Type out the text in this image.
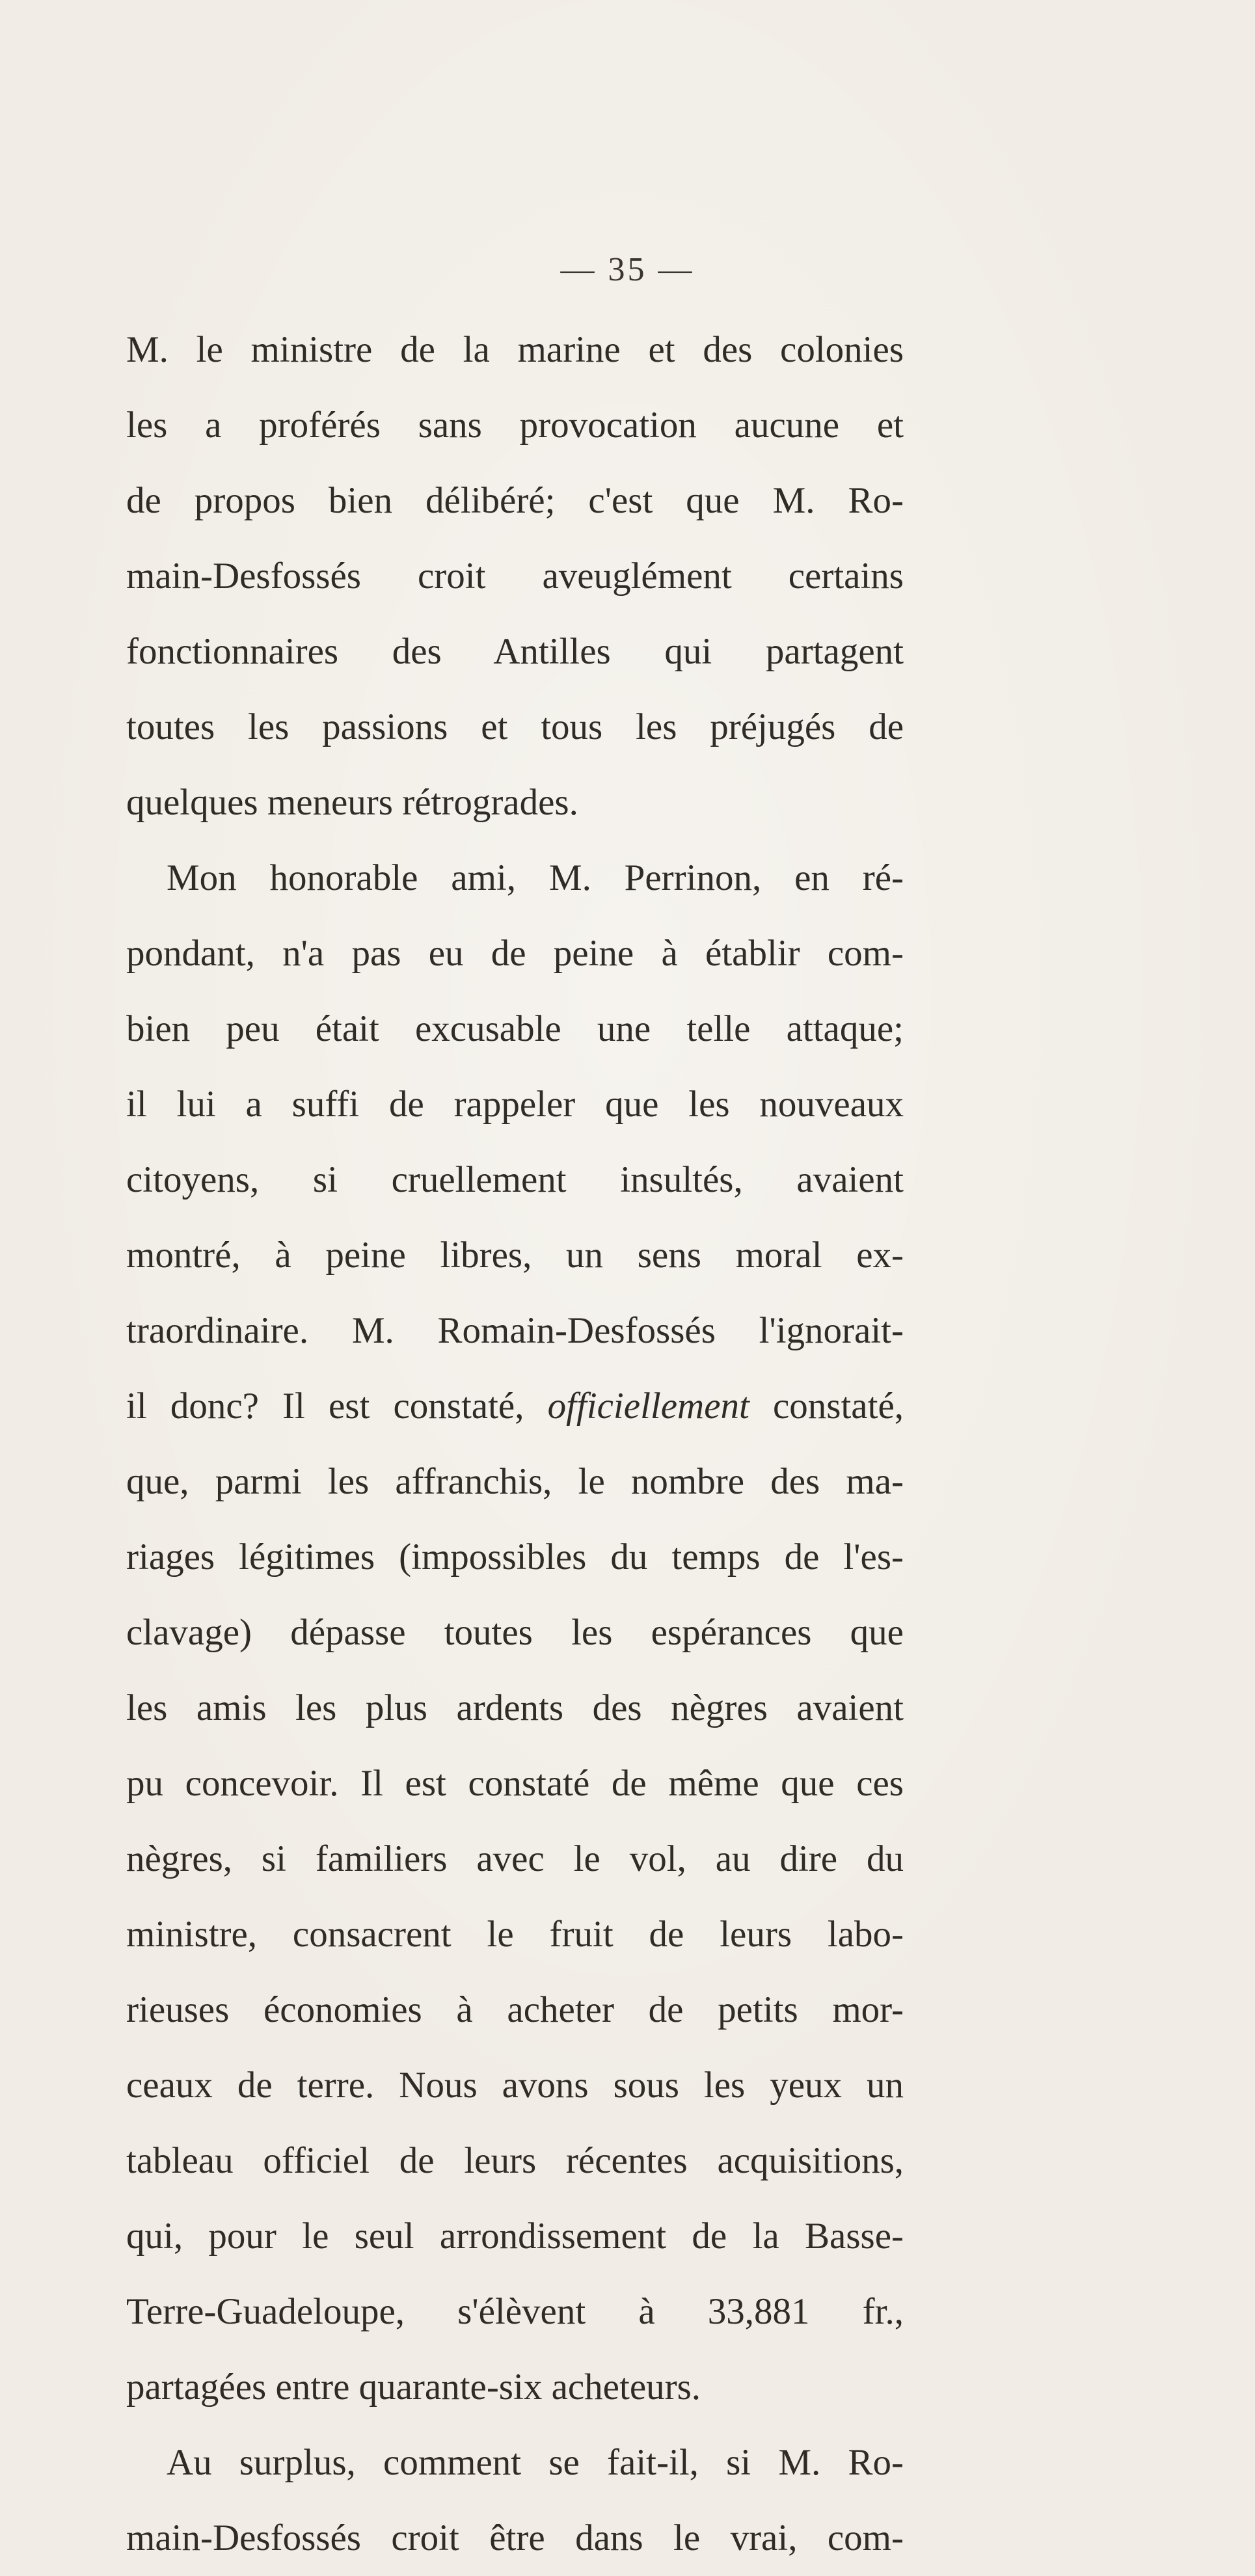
— 35 —
M. le ministre de la marine et des colonies
les a proférés sans provocation aucune et
de propos bien délibéré; c'est que M. Ro-
main-Desfossés croit aveuglément certains
fonctionnaires des Antilles qui partagent
toutes les passions et tous les préjugés de
quelques meneurs rétrogrades.
Mon honorable ami, M. Perrinon, en ré-
pondant, n'a pas eu de peine à établir com-
bien peu était excusable une telle attaque;
il lui a suffi de rappeler que les nouveaux
citoyens, si cruellement insultés, avaient
montré, à peine libres, un sens moral ex-
traordinaire. M. Romain-Desfossés l'ignorait-
il donc? Il est constaté, officiellement constaté,
que, parmi les affranchis, le nombre des ma-
riages légitimes (impossibles du temps de l'es-
clavage) dépasse toutes les espérances que
les amis les plus ardents des nègres avaient
pu concevoir. Il est constaté de même que ces
nègres, si familiers avec le vol, au dire du
ministre, consacrent le fruit de leurs labo-
rieuses économies à acheter de petits mor-
ceaux de terre. Nous avons sous les yeux un
tableau officiel de leurs récentes acquisitions,
qui, pour le seul arrondissement de la Basse-
Terre-Guadeloupe, s'élèvent à 33,881 fr.,
partagées entre quarante-six acheteurs.
Au surplus, comment se fait-il, si M. Ro-
main-Desfossés croit être dans le vrai, com-
